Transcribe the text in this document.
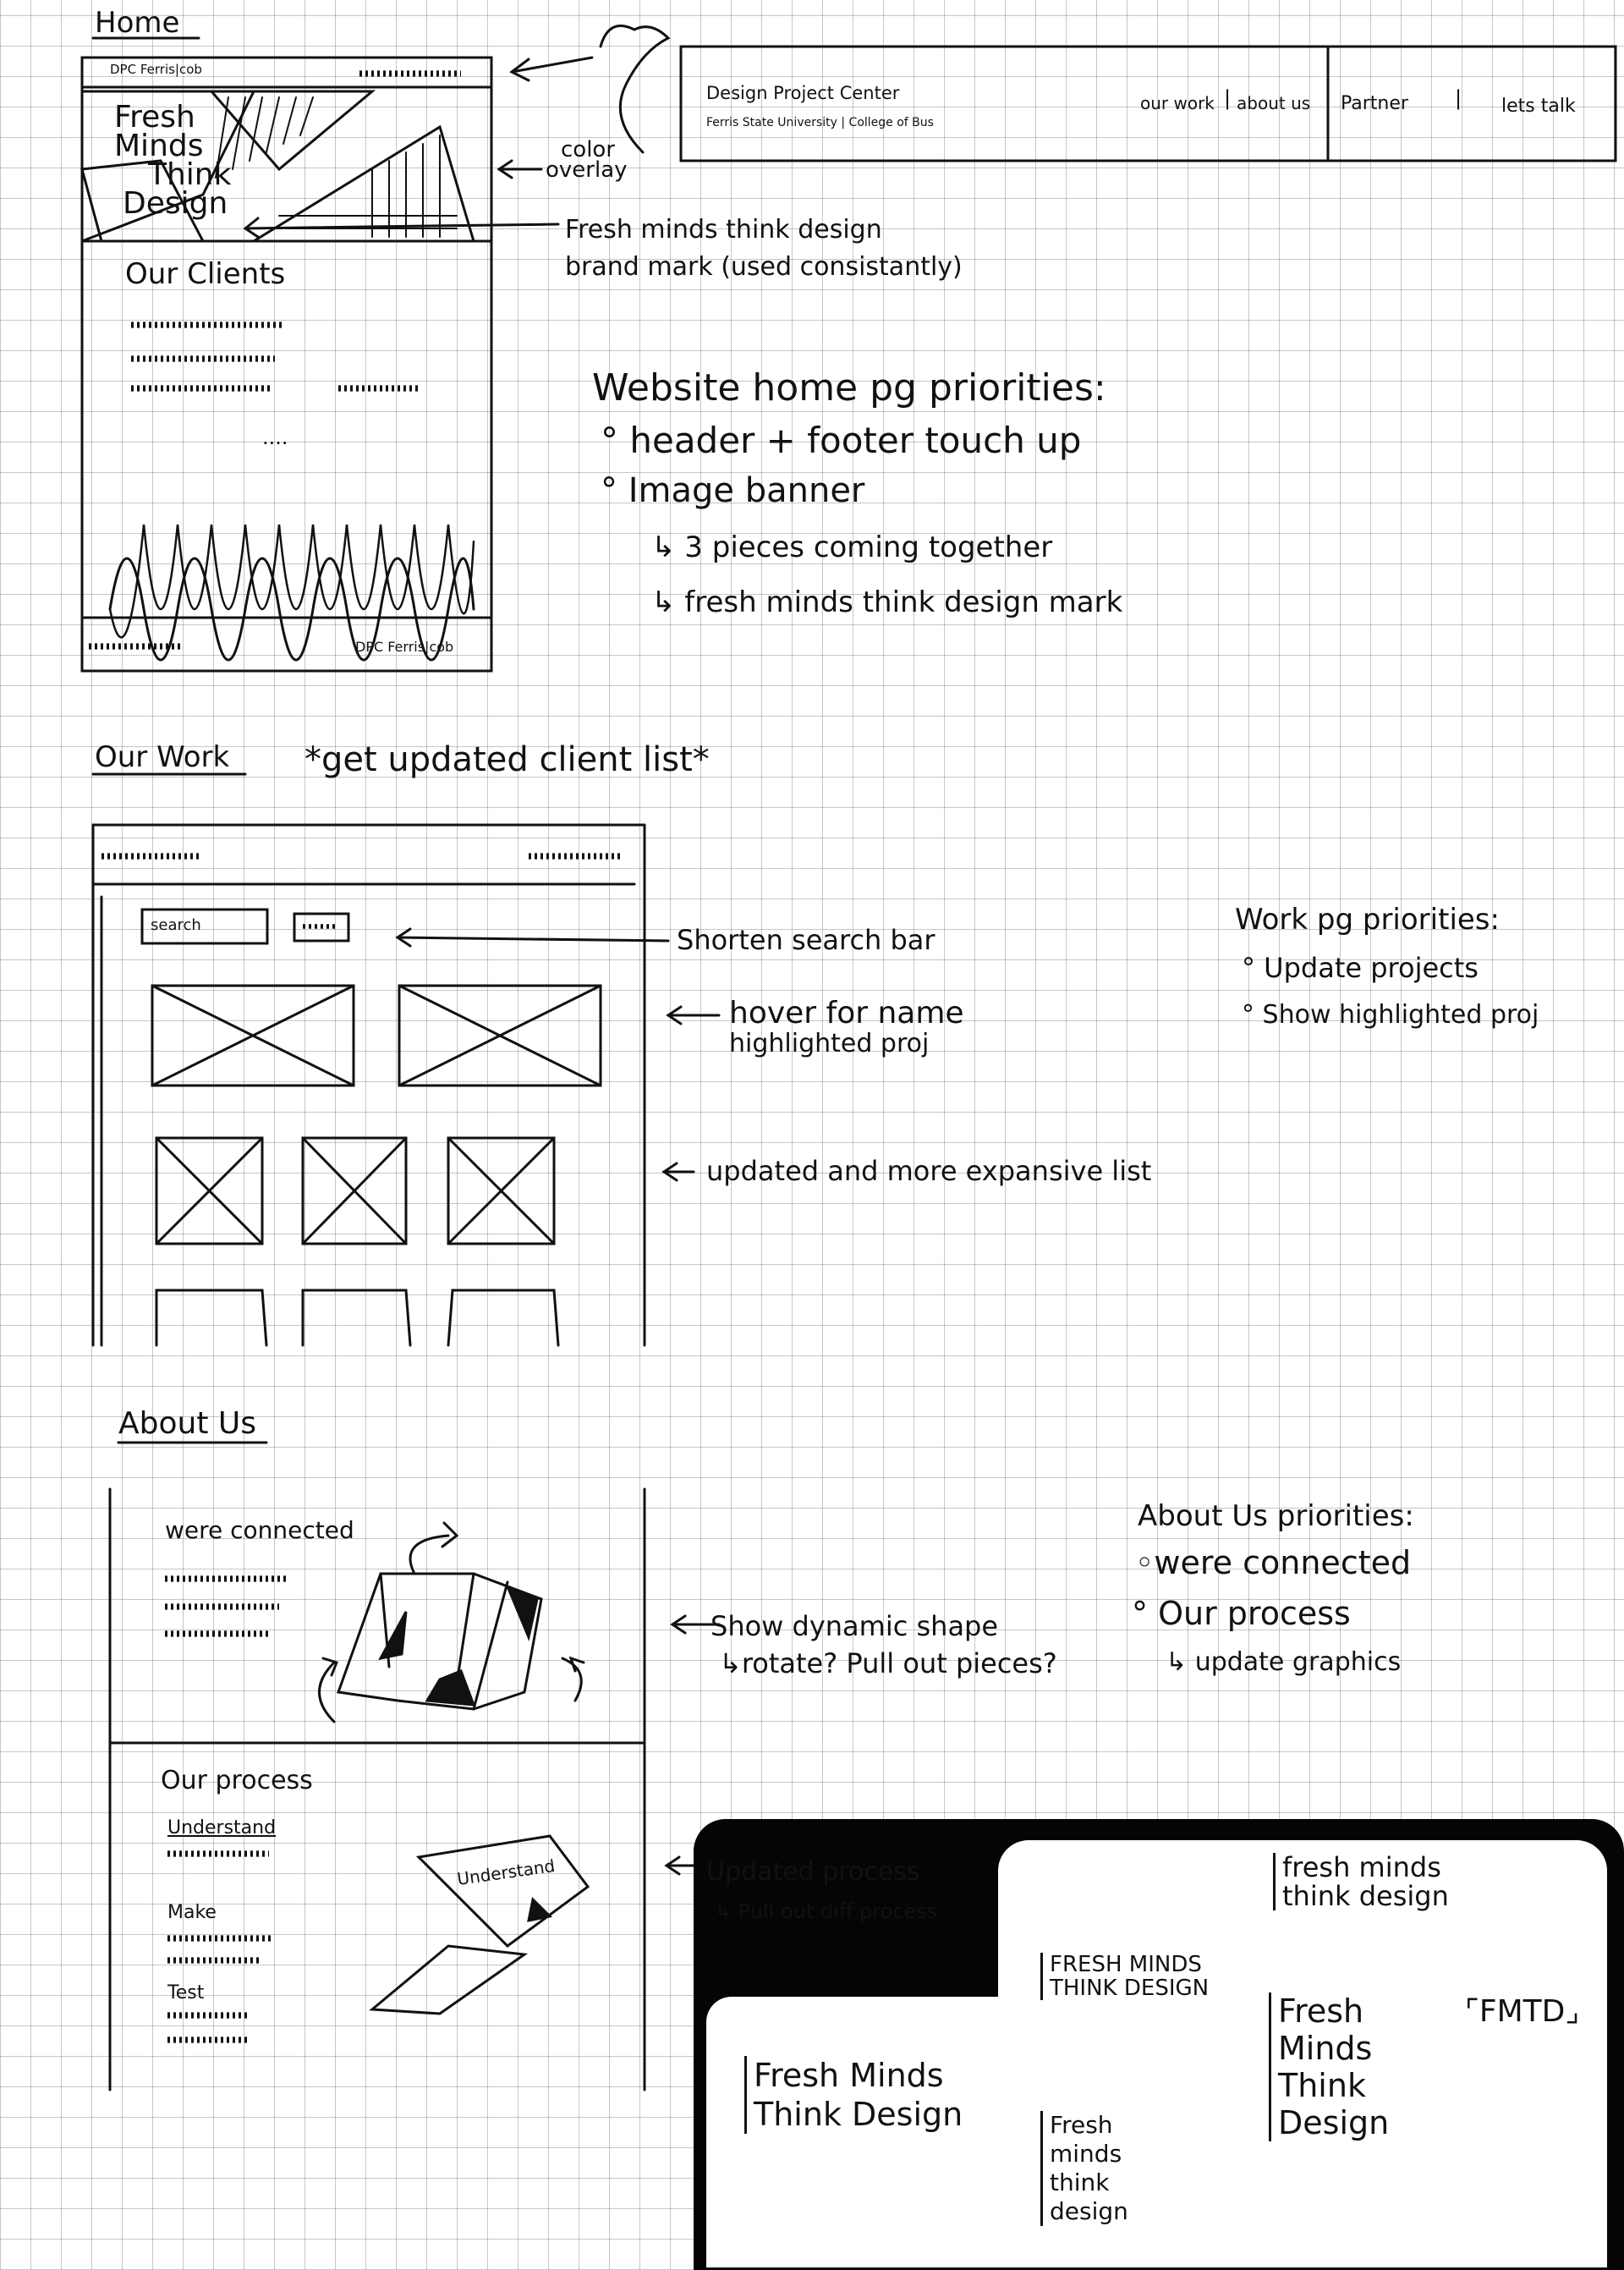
Home
DPC Ferris|cob
Fresh
Minds
Think
Design
Our Clients
....
DPC Ferris|cob
color
overlay
Fresh minds think design
brand mark (used consistantly)
Design Project Center
Ferris State University | College of Bus
our work | about us Partner | lets talk
Website home pg priorities:
° header + footer touch up
° Image banner
↳ 3 pieces coming together
↳ fresh minds think design mark
Our Work *get updated client list*
search	Shorten search bar
hover for name
highlighted proj
updated and more expansive list
Work pg priorities:
° Update projects
° Show highlighted proj
About Us
were connected
Show dynamic shape
↳rotate? Pull out pieces?
Our process
Understand
Make
Test
Understand	Updated process
↳ Pull out diff process
About Us priorities:
◦were connected
° Our process
↳ update graphics
fresh minds
think design
FRESH MINDS
THINK DESIGN
Fresh
Minds
Think
Design
⌜FMTD⌟
Fresh Minds
Think Design	Fresh
minds
think
design
